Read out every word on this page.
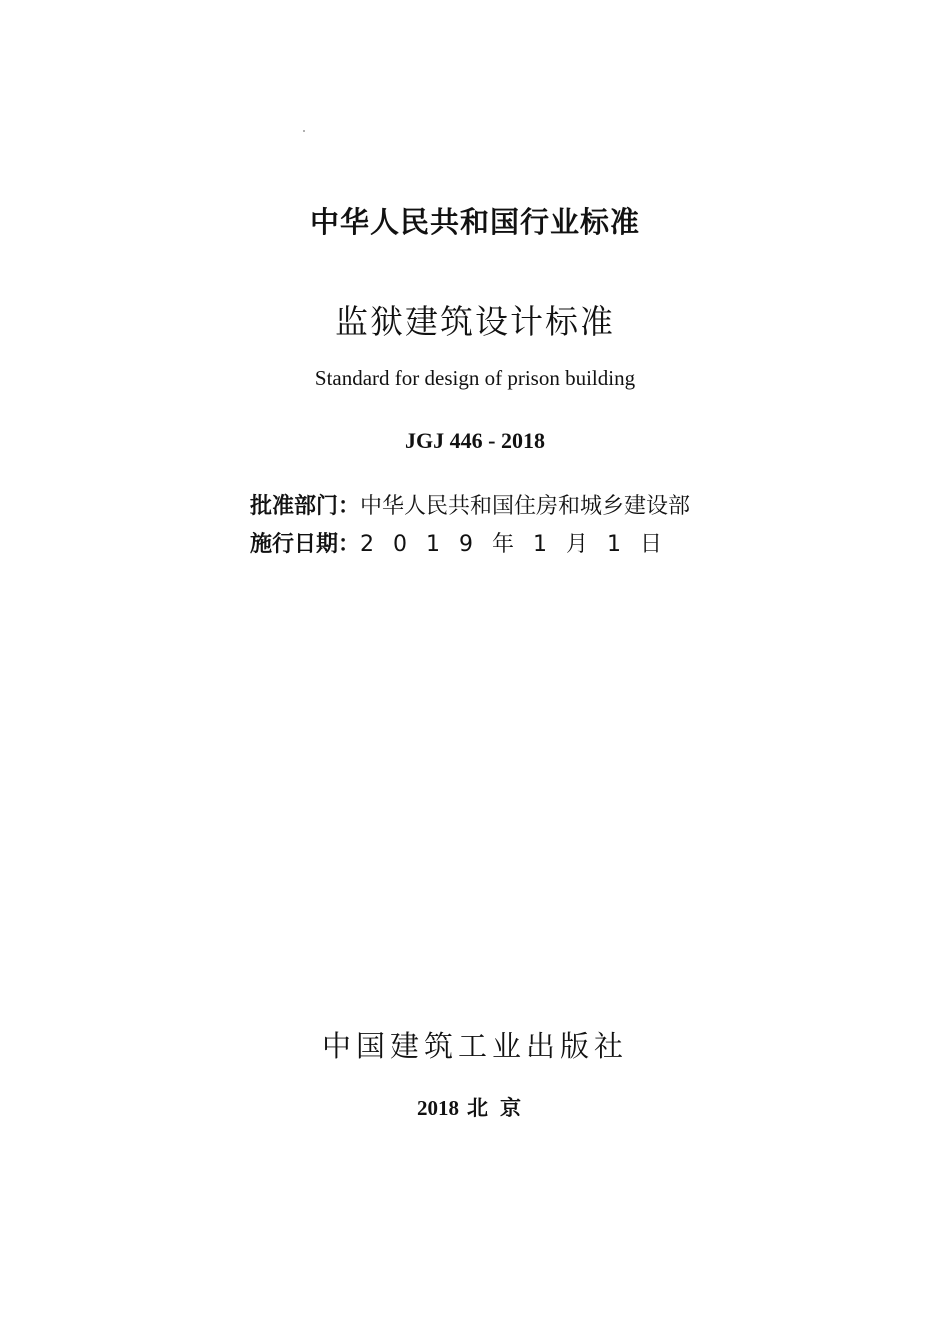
中华人民共和国行业标准
监狱建筑设计标准
Standard for design of prison building
JGJ 446 - 2018
批准部门：中华人民共和国住房和城乡建设部
施行日期：2019年1月1日
中国建筑工业出版社
2018 北京
